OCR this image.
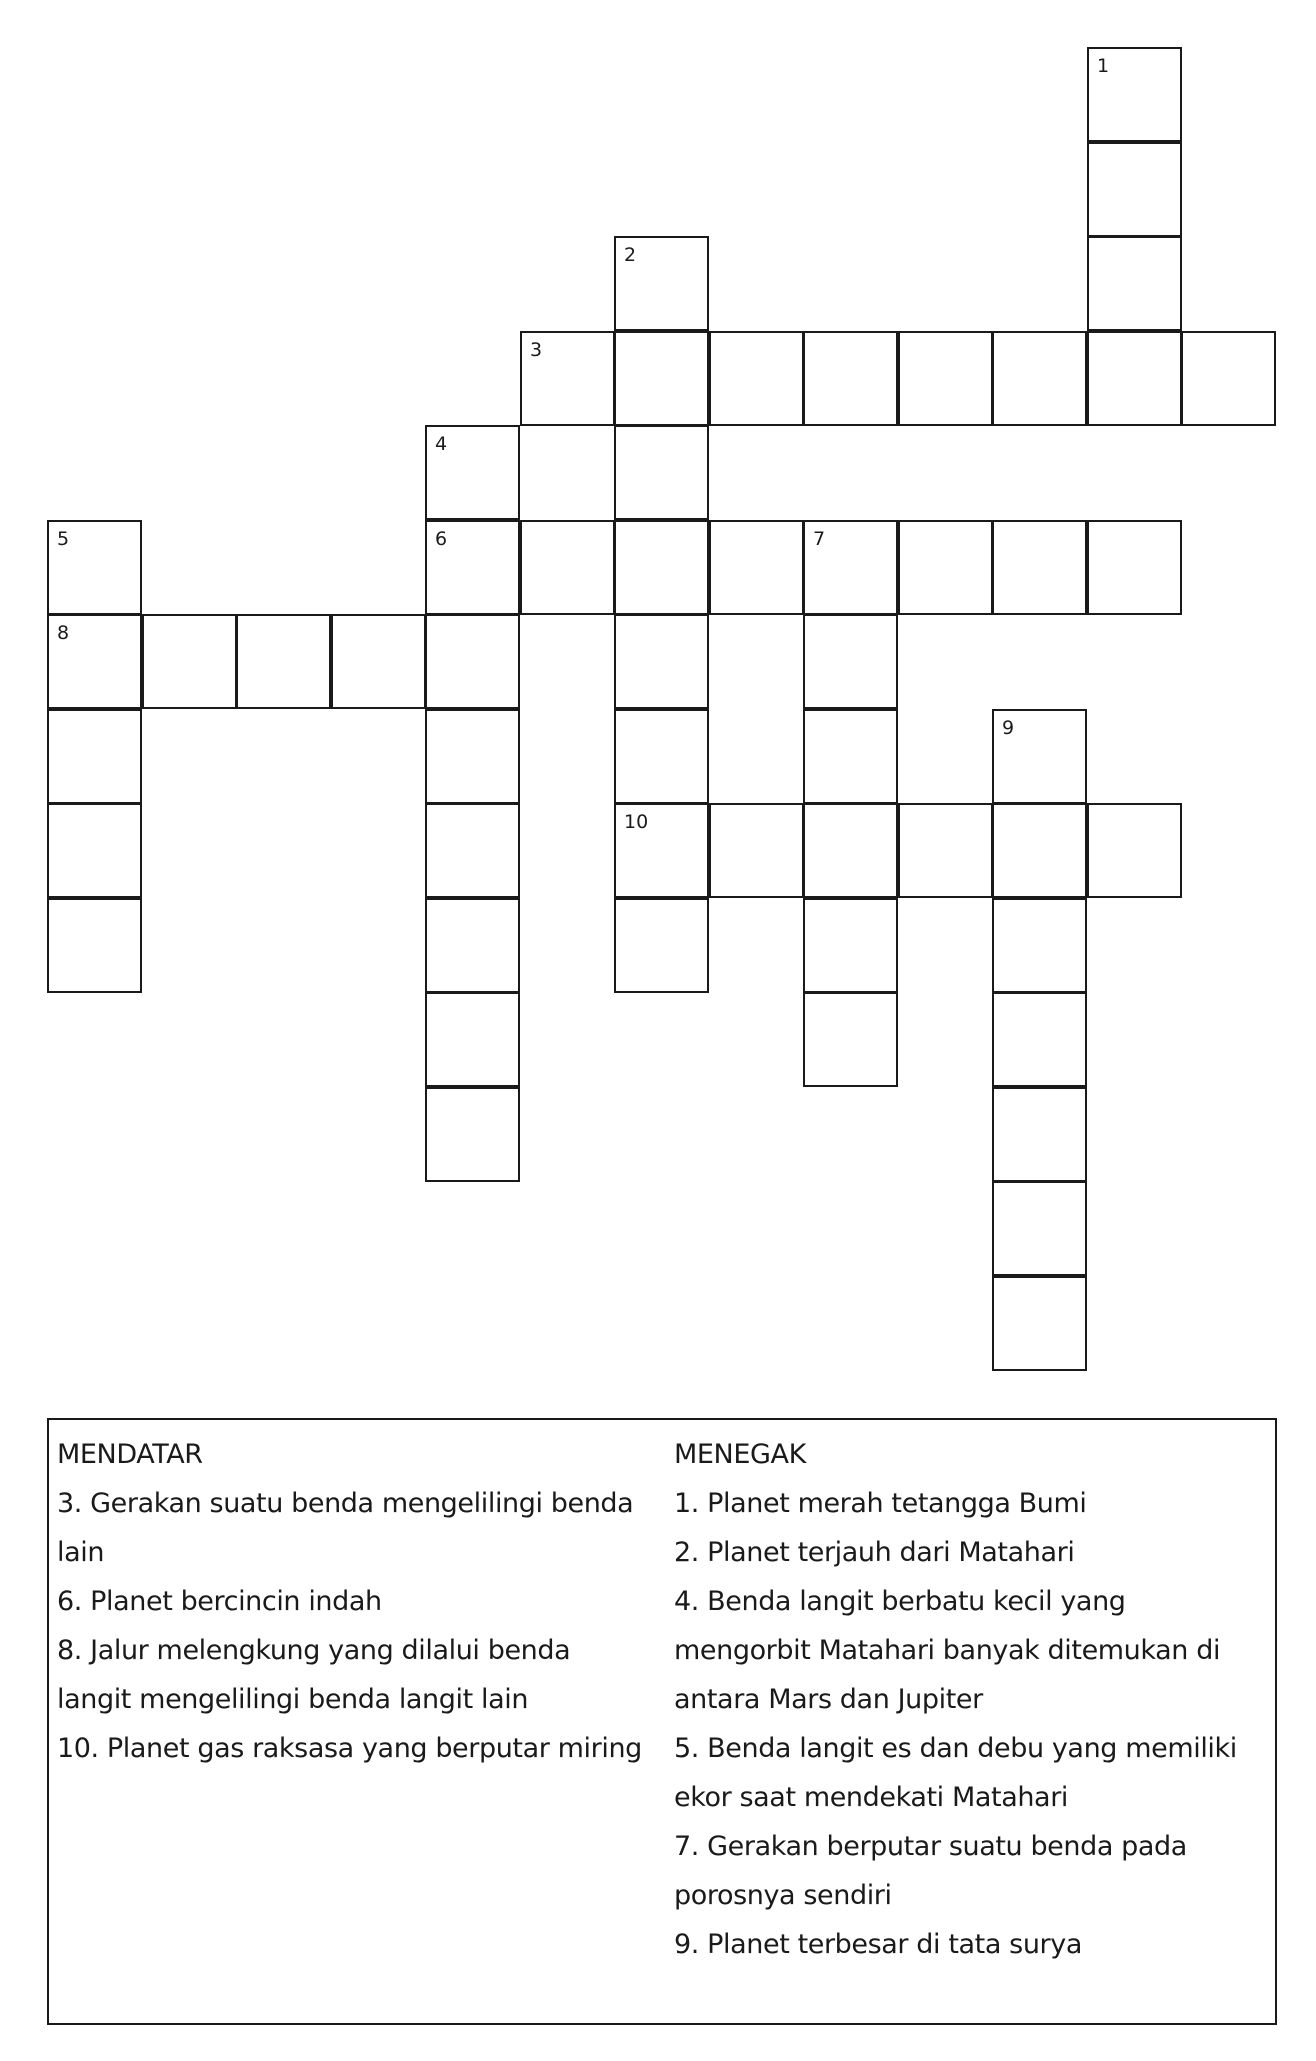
1
2
10
3
4
6
5
8
7
9
MENDATAR
3. Gerakan suatu benda mengelilingi benda
lain
6. Planet bercincin indah
8. Jalur melengkung yang dilalui benda
langit mengelilingi benda langit lain
10. Planet gas raksasa yang berputar miring
MENEGAK
1. Planet merah tetangga Bumi
2. Planet terjauh dari Matahari
4. Benda langit berbatu kecil yang
mengorbit Matahari banyak ditemukan di
antara Mars dan Jupiter
5. Benda langit es dan debu yang memiliki
ekor saat mendekati Matahari
7. Gerakan berputar suatu benda pada
porosnya sendiri
9. Planet terbesar di tata surya
